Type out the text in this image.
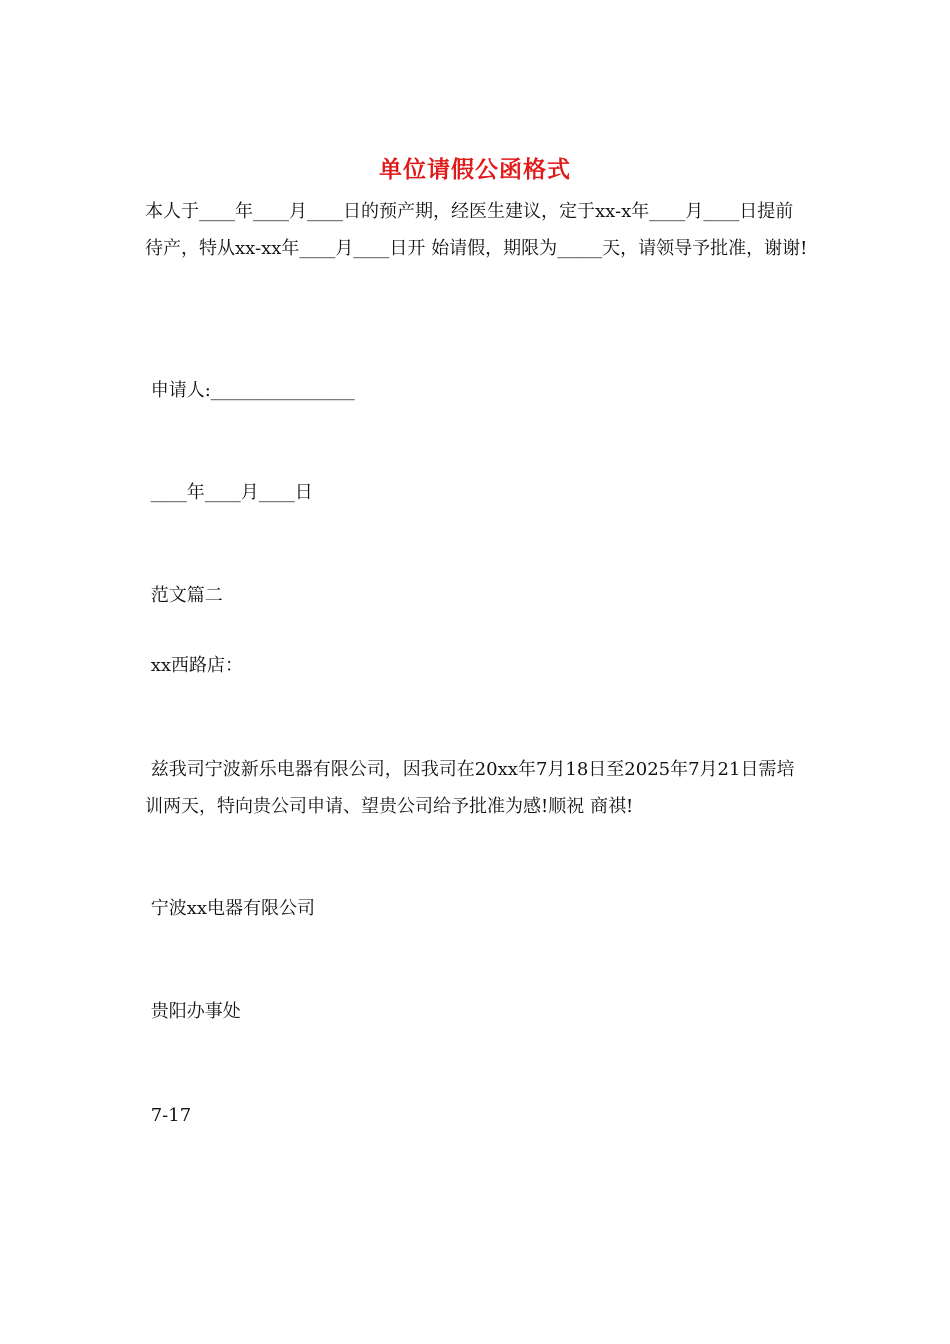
单位请假公函格式
本人于____年____月____日的预产期，经医生建议，定于xx-x年____月____日提前待产，特从xx-xx年____月____日开 始请假，期限为_____天，请领导予批准，谢谢!
申请人:________________
____年____月____日
范文篇二
xx西路店：
兹我司宁波新乐电器有限公司，因我司在20xx年7月18日至2025年7月21日需培训两天，特向贵公司申请、望贵公司给予批准为感!顺祝 商祺!
宁波xx电器有限公司
贵阳办事处
7-17
